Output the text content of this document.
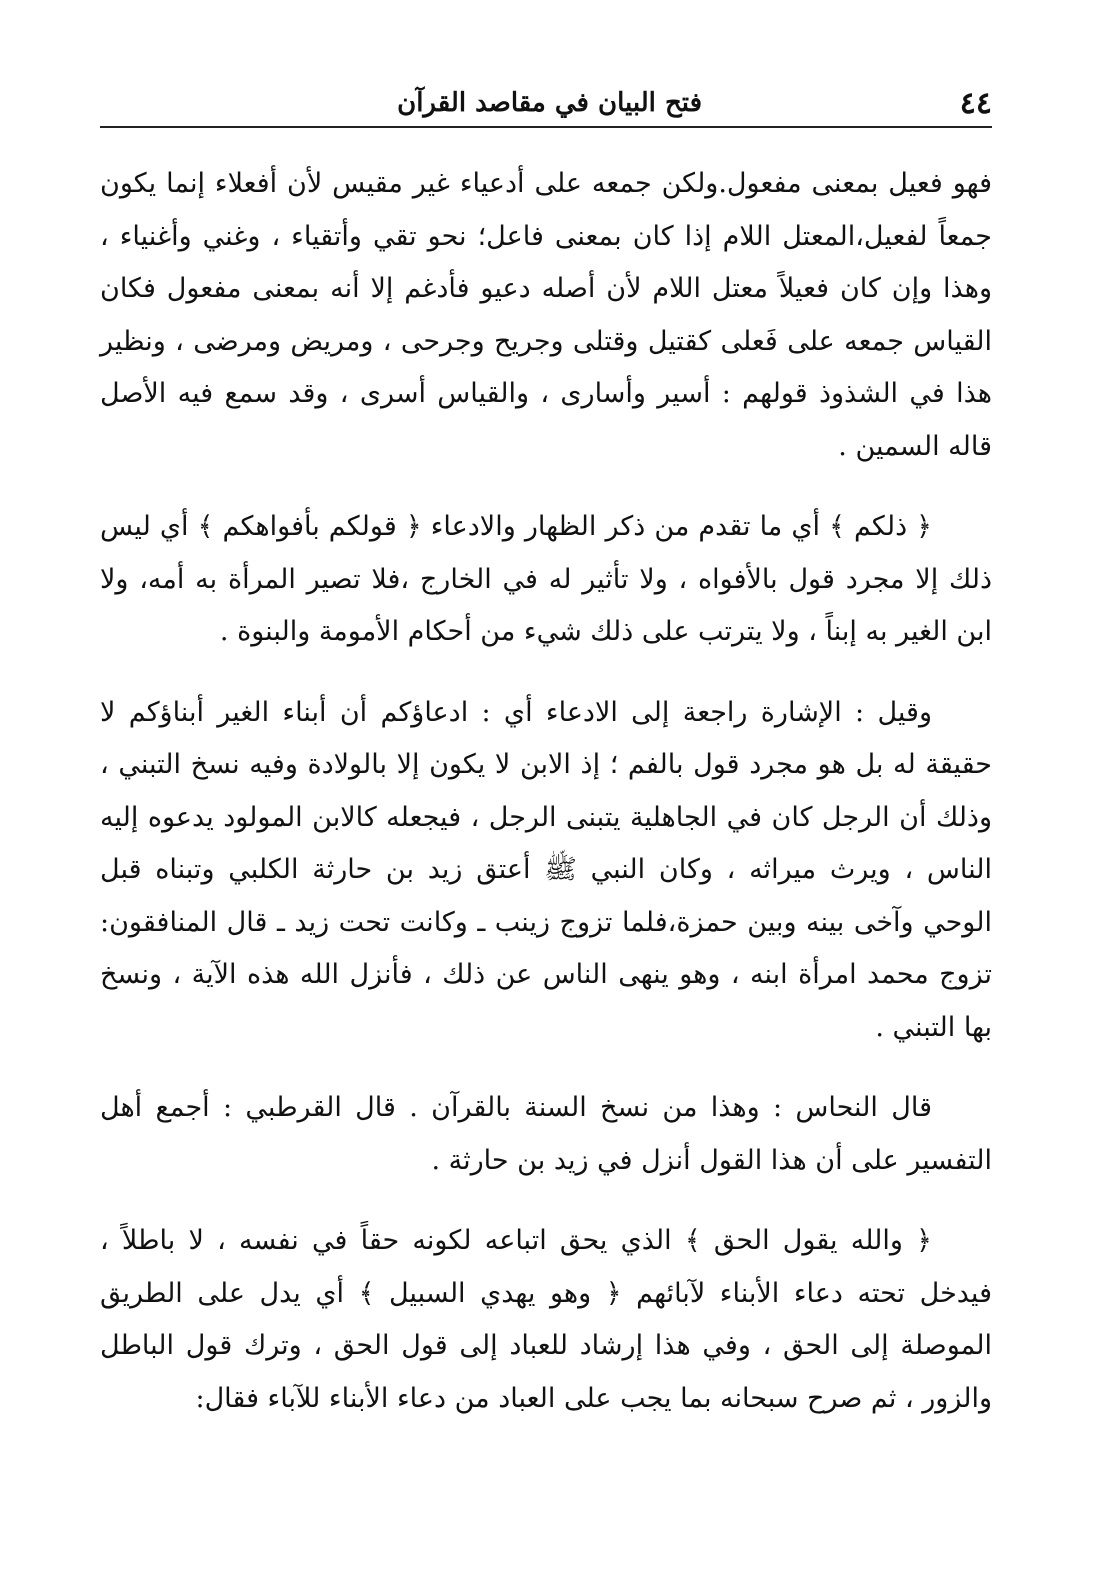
٤٤
فتح البيان في مقاصد القرآن

فهو فعيل بمعنى مفعول.ولكن جمعه على أدعياء غير مقيس لأن أفعلاء إنما يكون جمعاً لفعيل،المعتل اللام إذا كان بمعنى فاعل؛ نحو تقي وأتقياء ، وغني وأغنياء ، وهذا وإن كان فعيلاً معتل اللام لأن أصله دعيو فأدغم إلا أنه بمعنى مفعول فكان القياس جمعه على فَعلى كقتيل وقتلى وجريح وجرحى ، ومريض ومرضى ، ونظير هذا في الشذوذ قولهم : أسير وأسارى ، والقياس أسرى ، وقد سمع فيه الأصل قاله السمين .

﴿ ذلكم ﴾ أي ما تقدم من ذكر الظهار والادعاء ﴿ قولكم بأفواهكم ﴾ أي ليس ذلك إلا مجرد قول بالأفواه ، ولا تأثير له في الخارج ،فلا تصير المرأة به أمه، ولا ابن الغير به إبناً ، ولا يترتب على ذلك شيء من أحكام الأمومة والبنوة .

وقيل : الإشارة راجعة إلى الادعاء أي : ادعاؤكم أن أبناء الغير أبناؤكم لا حقيقة له بل هو مجرد قول بالفم ؛ إذ الابن لا يكون إلا بالولادة وفيه نسخ التبني ، وذلك أن الرجل كان في الجاهلية يتبنى الرجل ، فيجعله كالابن المولود يدعوه إليه الناس ، ويرث ميراثه ، وكان النبي ﷺ أعتق زيد بن حارثة الكلبي وتبناه قبل الوحي وآخى بينه وبين حمزة،فلما تزوج زينب ـ وكانت تحت زيد ـ قال المنافقون: تزوج محمد امرأة ابنه ، وهو ينهى الناس عن ذلك ، فأنزل الله هذه الآية ، ونسخ بها التبني .

قال النحاس : وهذا من نسخ السنة بالقرآن . قال القرطبي : أجمع أهل التفسير على أن هذا القول أنزل في زيد بن حارثة .

﴿ والله يقول الحق ﴾ الذي يحق اتباعه لكونه حقاً في نفسه ، لا باطلاً ، فيدخل تحته دعاء الأبناء لآبائهم ﴿ وهو يهدي السبيل ﴾ أي يدل على الطريق الموصلة إلى الحق ، وفي هذا إرشاد للعباد إلى قول الحق ، وترك قول الباطل والزور ، ثم صرح سبحانه بما يجب على العباد من دعاء الأبناء للآباء فقال:
